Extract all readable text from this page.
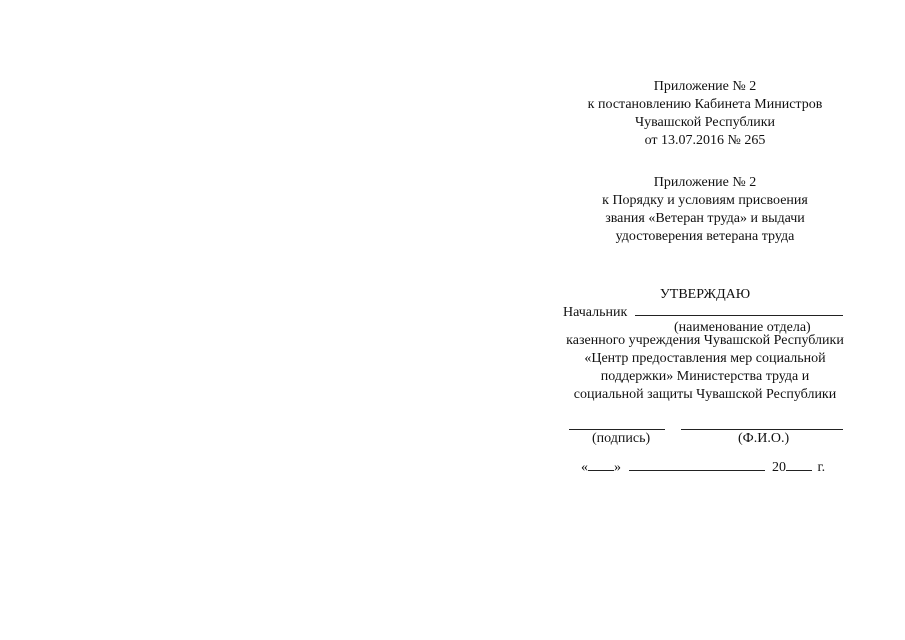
Приложение № 2
к постановлению Кабинета Министров
Чувашской Республики
от 13.07.2016 № 265
Приложение № 2
к Порядку и условиям присвоения
звания «Ветеран труда» и выдачи
удостоверения ветерана труда
УТВЕРЖДАЮ
Начальник
(наименование отдела)
казенного учреждения Чувашской Республики
«Центр предоставления мер социальной
поддержки» Министерства труда и
социальной защиты Чувашской Республики

(подпись)	(Ф.И.О.)
« »	20 г.
